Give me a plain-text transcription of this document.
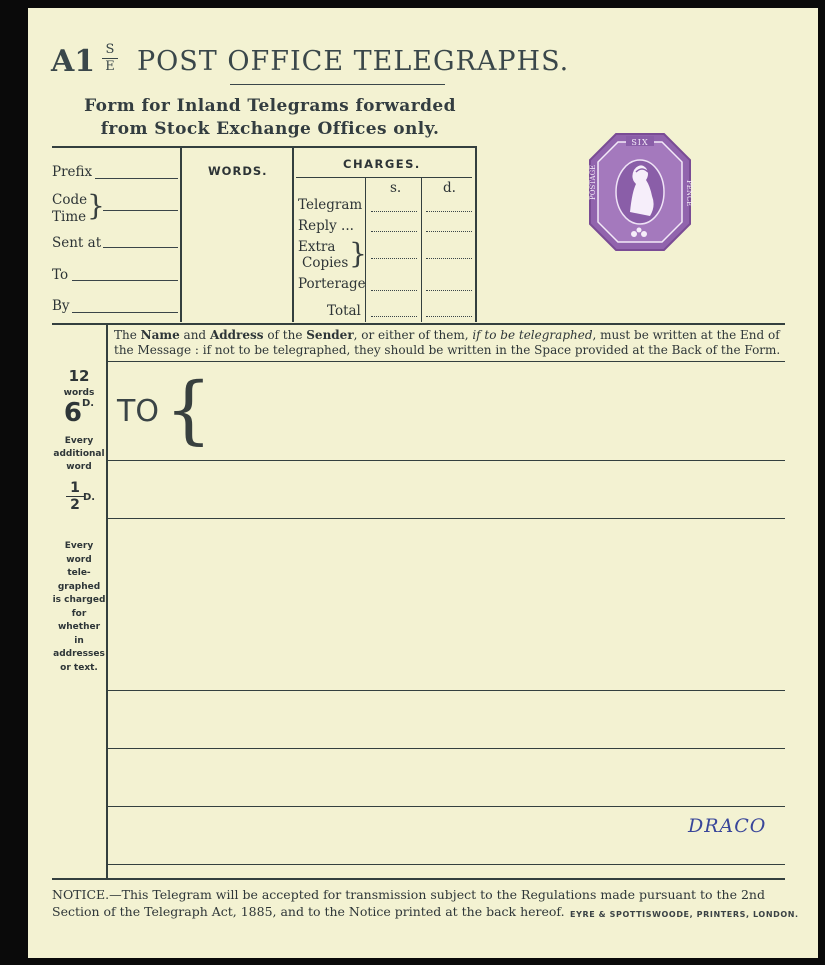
A1 S
E POST OFFICE TELEGRAPHS.
Form for Inland Telegrams forwarded
from Stock Exchange Offices only.
Prefix
Code
Time }
Sent at
To
By
WORDS.	CHARGES.
s.	d.
Telegram
Reply ...
Extra
Copies }
Porterage
Total
SIX
POSTAGE	PENCE
The Name and Address of the Sender, or either of them, if to be telegraphed, must be written at the End of
the Message : if not to be telegraphed, they should be written in the Space provided at the Back of the Form.
12
words
$6^{D.}$
Every
additional
word
$\frac{1}{2} D$.
Every
word
tele-
graphed
is charged
for
whether
in
addresses
or text.
TO {
DRACO
NOTICE.—This Telegram will be accepted for transmission subject to the Regulations made pursuant to the 2nd
Section of the Telegraph Act, 1885, and to the Notice printed at the back hereof. EYRE & SPOTTISWOODE, PRINTERS, LONDON.
